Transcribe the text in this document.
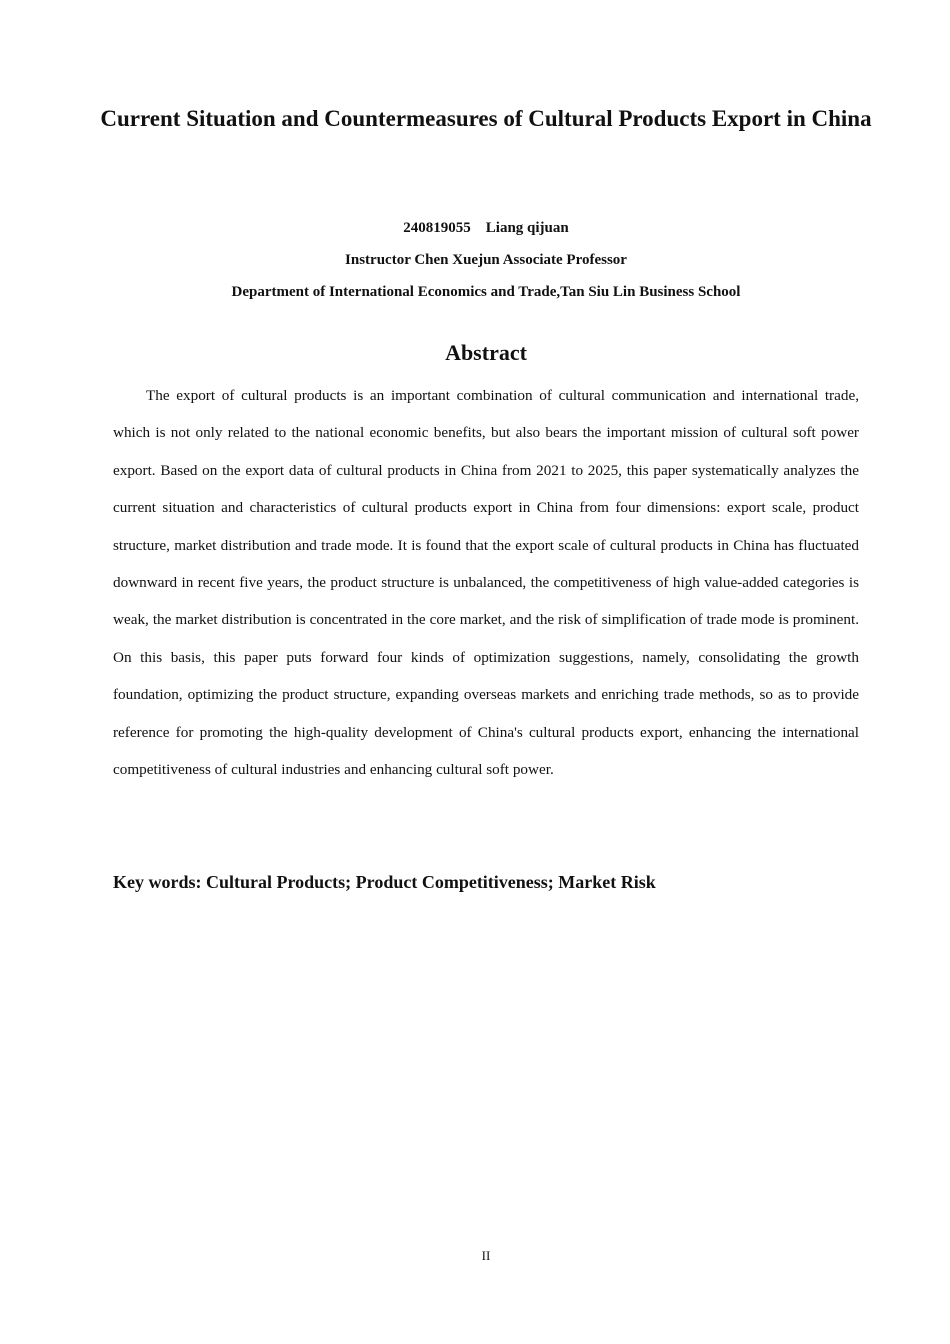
Current Situation and Countermeasures of Cultural Products Export in China
240819055    Liang qijuan
Instructor Chen Xuejun Associate Professor
Department of International Economics and Trade,Tan Siu Lin Business School
Abstract

The export of cultural products is an important combination of cultural communication and international trade, which is not only related to the national economic benefits, but also bears the important mission of cultural soft power export. Based on the export data of cultural products in China from 2021 to 2025, this paper systematically analyzes the current situation and characteristics of cultural products export in China from four dimensions: export scale, product structure, market distribution and trade mode. It is found that the export scale of cultural products in China has fluctuated downward in recent five years, the product structure is unbalanced, the competitiveness of high value-added categories is weak, the market distribution is concentrated in the core market, and the risk of simplification of trade mode is prominent. On this basis, this paper puts forward four kinds of optimization suggestions, namely, consolidating the growth foundation, optimizing the product structure, expanding overseas markets and enriching trade methods, so as to provide reference for promoting the high-quality development of China's cultural products export, enhancing the international competitiveness of cultural industries and enhancing cultural soft power.

Key words: Cultural Products; Product Competitiveness; Market Risk

II
